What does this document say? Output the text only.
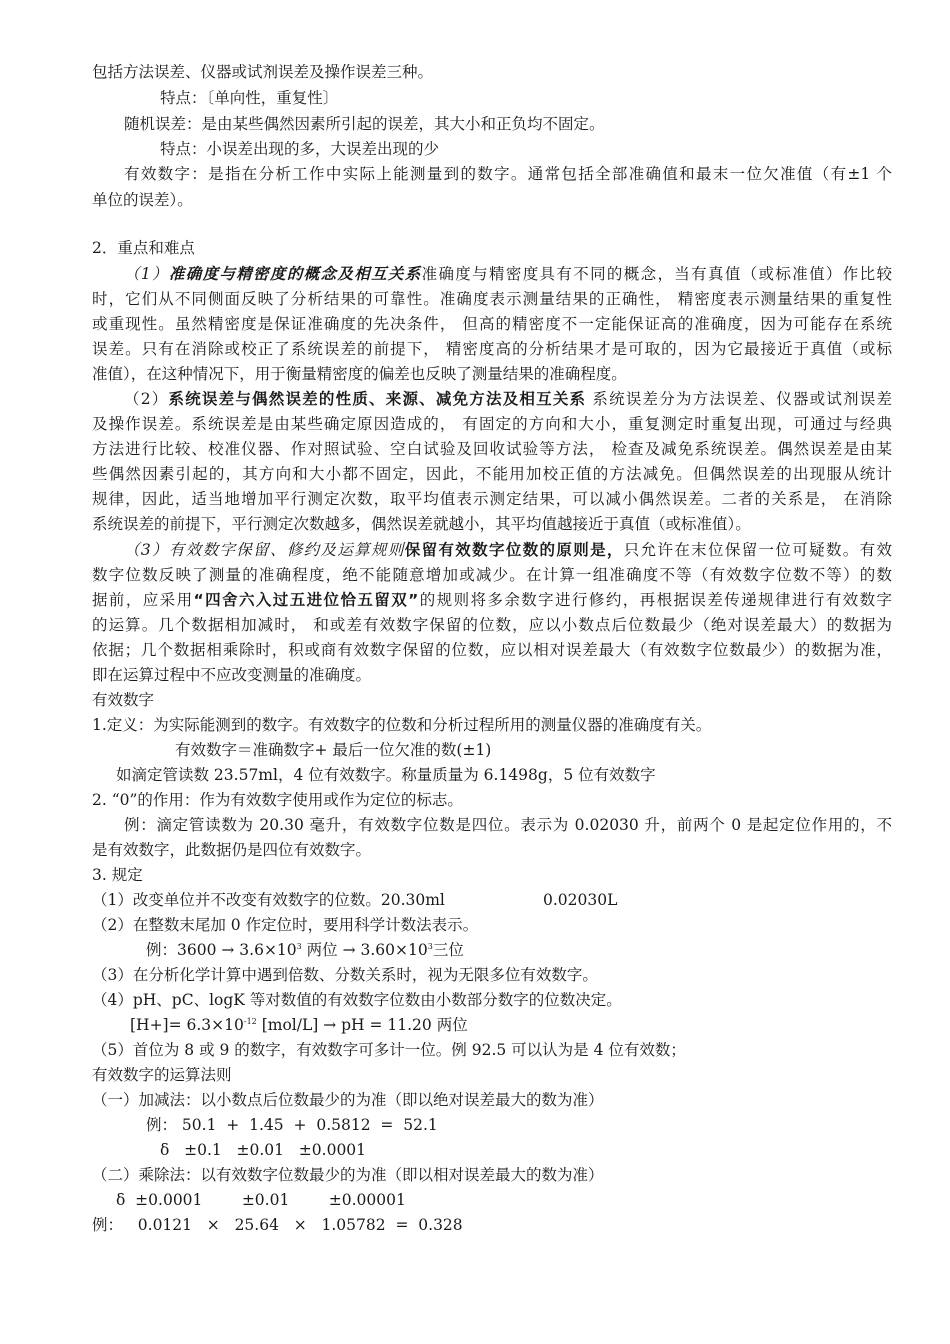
包括方法误差、仪器或试剂误差及操作误差三种。
特点：〔单向性，重复性〕
随机误差：是由某些偶然因素所引起的误差，其大小和正负均不固定。
特点：小误差出现的多，大误差出现的少
有效数字：是指在分析工作中实际上能测量到的数字。通常包括全部准确值和最末一位欠准值（有±1 个
单位的误差）。
2．重点和难点
（1）准确度与精密度的概念及相互关系准确度与精密度具有不同的概念，当有真值（或标准值）作比较
时，它们从不同侧面反映了分析结果的可靠性。准确度表示测量结果的正确性， 精密度表示测量结果的重复性
或重现性。虽然精密度是保证准确度的先决条件， 但高的精密度不一定能保证高的准确度，因为可能存在系统
误差。只有在消除或校正了系统误差的前提下， 精密度高的分析结果才是可取的，因为它最接近于真值（或标
准值），在这种情况下，用于衡量精密度的偏差也反映了测量结果的准确程度。
（2）系统误差与偶然误差的性质、来源、减免方法及相互关系 系统误差分为方法误差、仪器或试剂误差
及操作误差。系统误差是由某些确定原因造成的， 有固定的方向和大小，重复测定时重复出现，可通过与经典
方法进行比较、校准仪器、作对照试验、空白试验及回收试验等方法， 检查及减免系统误差。偶然误差是由某
些偶然因素引起的，其方向和大小都不固定，因此，不能用加校正值的方法减免。但偶然误差的出现服从统计
规律，因此，适当地增加平行测定次数，取平均值表示测定结果，可以减小偶然误差。二者的关系是， 在消除
系统误差的前提下，平行测定次数越多，偶然误差就越小，其平均值越接近于真值（或标准值）。
（3）有效数字保留、修约及运算规则保留有效数字位数的原则是，只允许在末位保留一位可疑数。有效
数字位数反映了测量的准确程度，绝不能随意增加或减少。在计算一组准确度不等（有效数字位数不等）的数
据前，应采用“四舍六入过五进位恰五留双”的规则将多余数字进行修约，再根据误差传递规律进行有效数字
的运算。几个数据相加减时， 和或差有效数字保留的位数，应以小数点后位数最少（绝对误差最大）的数据为
依据；几个数据相乘除时，积或商有效数字保留的位数，应以相对误差最大（有效数字位数最少）的数据为准，
即在运算过程中不应改变测量的准确度。
有效数字
1.定义：为实际能测到的数字。有效数字的位数和分析过程所用的测量仪器的准确度有关。
有效数字＝准确数字+ 最后一位欠准的数(±1)
如滴定管读数 23.57ml，4 位有效数字。称量质量为 6.1498g，5 位有效数字
2. “0”的作用：作为有效数字使用或作为定位的标志。
例：滴定管读数为 20.30 毫升，有效数字位数是四位。表示为 0.02030 升，前两个 0 是起定位作用的，不
是有效数字，此数据仍是四位有效数字。
3. 规定
（1）改变单位并不改变有效数字的位数。20.30ml	0.02030L
（2）在整数末尾加 0 作定位时，要用科学计数法表示。
例：$3600 \to 3.6\times 10^3$ 两位 → $3.60\times 10^3$三位
（3）在分析化学计算中遇到倍数、分数关系时，视为无限多位有效数字。
（4）pH、pC、logK 等对数值的有效数字位数由小数部分数字的位数决定。
$[H+]= 6.3\times 10^{-12}$ [mol/L] → pH = 11.20 两位
（5）首位为 8 或 9 的数字，有效数字可多计一位。例 92.5 可以认为是 4 位有效数；
有效数字的运算法则
（一）加减法：以小数点后位数最少的为准（即以绝对误差最大的数为准）
例： 50.1  +  1.45  +  0.5812  =  52.1
δ   ±0.1   ±0.01   ±0.0001
（二）乘除法：以有效数字位数最少的为准（即以相对误差最大的数为准）
δ  ±0.0001        ±0.01        ±0.00001
例：   0.0121   ×   25.64   ×   1.05782  =  0.328
